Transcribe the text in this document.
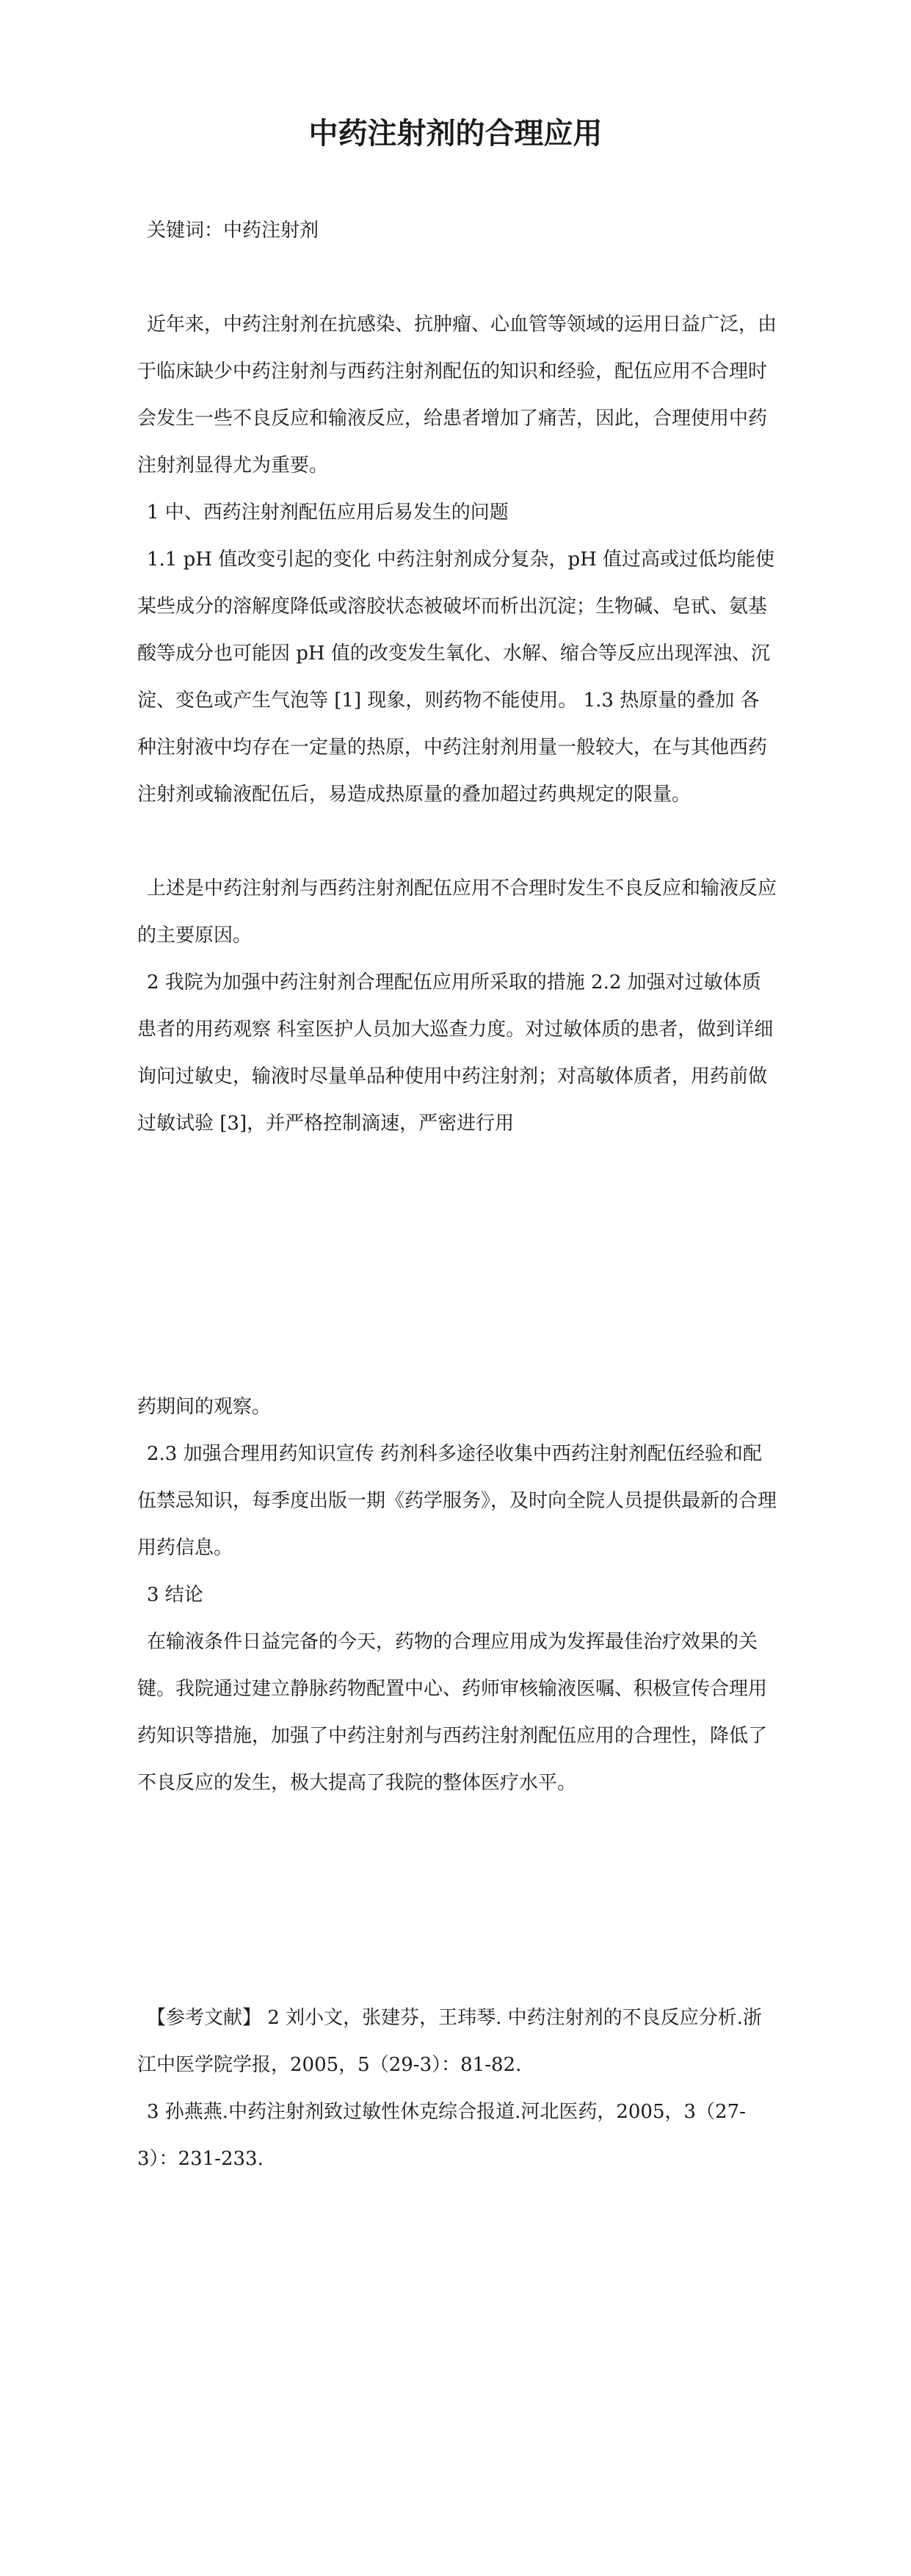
中药注射剂的合理应用

关键词：中药注射剂

近年来，中药注射剂在抗感染、抗肿瘤、心血管等领域的运用日益广泛，由于临床缺少中药注射剂与西药注射剂配伍的知识和经验，配伍应用不合理时会发生一些不良反应和输液反应，给患者增加了痛苦，因此，合理使用中药注射剂显得尤为重要。

1 中、西药注射剂配伍应用后易发生的问题

1.1 pH 值改变引起的变化 中药注射剂成分复杂，pH 值过高或过低均能使某些成分的溶解度降低或溶胶状态被破坏而析出沉淀；生物碱、皂甙、氨基酸等成分也可能因 pH 值的改变发生氧化、水解、缩合等反应出现浑浊、沉淀、变色或产生气泡等 [1] 现象，则药物不能使用。 1.3 热原量的叠加 各种注射液中均存在一定量的热原，中药注射剂用量一般较大，在与其他西药注射剂或输液配伍后，易造成热原量的叠加超过药典规定的限量。

上述是中药注射剂与西药注射剂配伍应用不合理时发生不良反应和输液反应的主要原因。

2 我院为加强中药注射剂合理配伍应用所采取的措施 2.2 加强对过敏体质患者的用药观察 科室医护人员加大巡查力度。对过敏体质的患者，做到详细询问过敏史，输液时尽量单品种使用中药注射剂；对高敏体质者，用药前做过敏试验 [3]，并严格控制滴速，严密进行用

药期间的观察。

2.3 加强合理用药知识宣传 药剂科多途径收集中西药注射剂配伍经验和配伍禁忌知识，每季度出版一期《药学服务》，及时向全院人员提供最新的合理用药信息。

3 结论

在输液条件日益完备的今天，药物的合理应用成为发挥最佳治疗效果的关键。我院通过建立静脉药物配置中心、药师审核输液医嘱、积极宣传合理用药知识等措施，加强了中药注射剂与西药注射剂配伍应用的合理性，降低了不良反应的发生，极大提高了我院的整体医疗水平。

【参考文献】 2 刘小文，张建芬，王玮琴. 中药注射剂的不良反应分析.浙江中医学院学报，2005，5（29-3）：81-82.

3 孙燕燕.中药注射剂致过敏性休克综合报道.河北医药，2005，3（27-3）：231-233.
